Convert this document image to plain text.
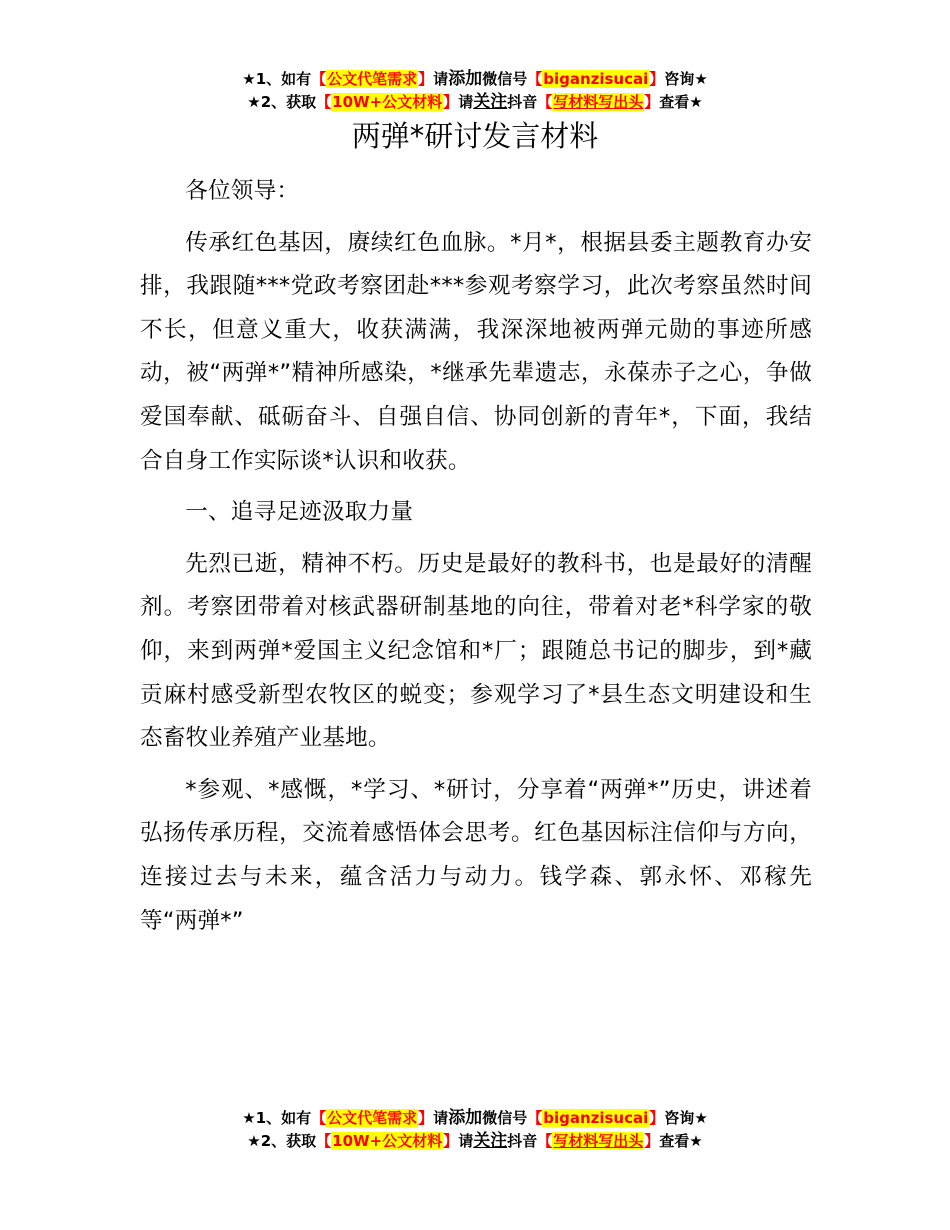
★1、如有【公文代笔需求】请添加微信号【biganzisucai】咨询★
★2、获取【10W+公文材料】请关注抖音【写材料写出头】查看★
两弹*研讨发言材料

各位领导：

传承红色基因，赓续红色血脉。*月*，根据县委主题教育办安排，我跟随***党政考察团赴***参观考察学习，此次考察虽然时间不长，但意义重大，收获满满，我深深地被两弹元勋的事迹所感动，被“两弹*”精神所感染，*继承先辈遗志，永葆赤子之心，争做爱国奉献、砥砺奋斗、自强自信、协同创新的青年*，下面，我结合自身工作实际谈*认识和收获。

一、追寻足迹汲取力量

先烈已逝，精神不朽。历史是最好的教科书，也是最好的清醒剂。考察团带着对核武器研制基地的向往，带着对老*科学家的敬仰，来到两弹*爱国主义纪念馆和*厂；跟随总书记的脚步，到*藏贡麻村感受新型农牧区的蜕变；参观学习了*县生态文明建设和生态畜牧业养殖产业基地。

*参观、*感慨，*学习、*研讨，分享着“两弹*”历史，讲述着弘扬传承历程，交流着感悟体会思考。红色基因标注信仰与方向，连接过去与未来，蕴含活力与动力。钱学森、郭永怀、邓稼先等“两弹*”

★1、如有【公文代笔需求】请添加微信号【biganzisucai】咨询★
★2、获取【10W+公文材料】请关注抖音【写材料写出头】查看★
